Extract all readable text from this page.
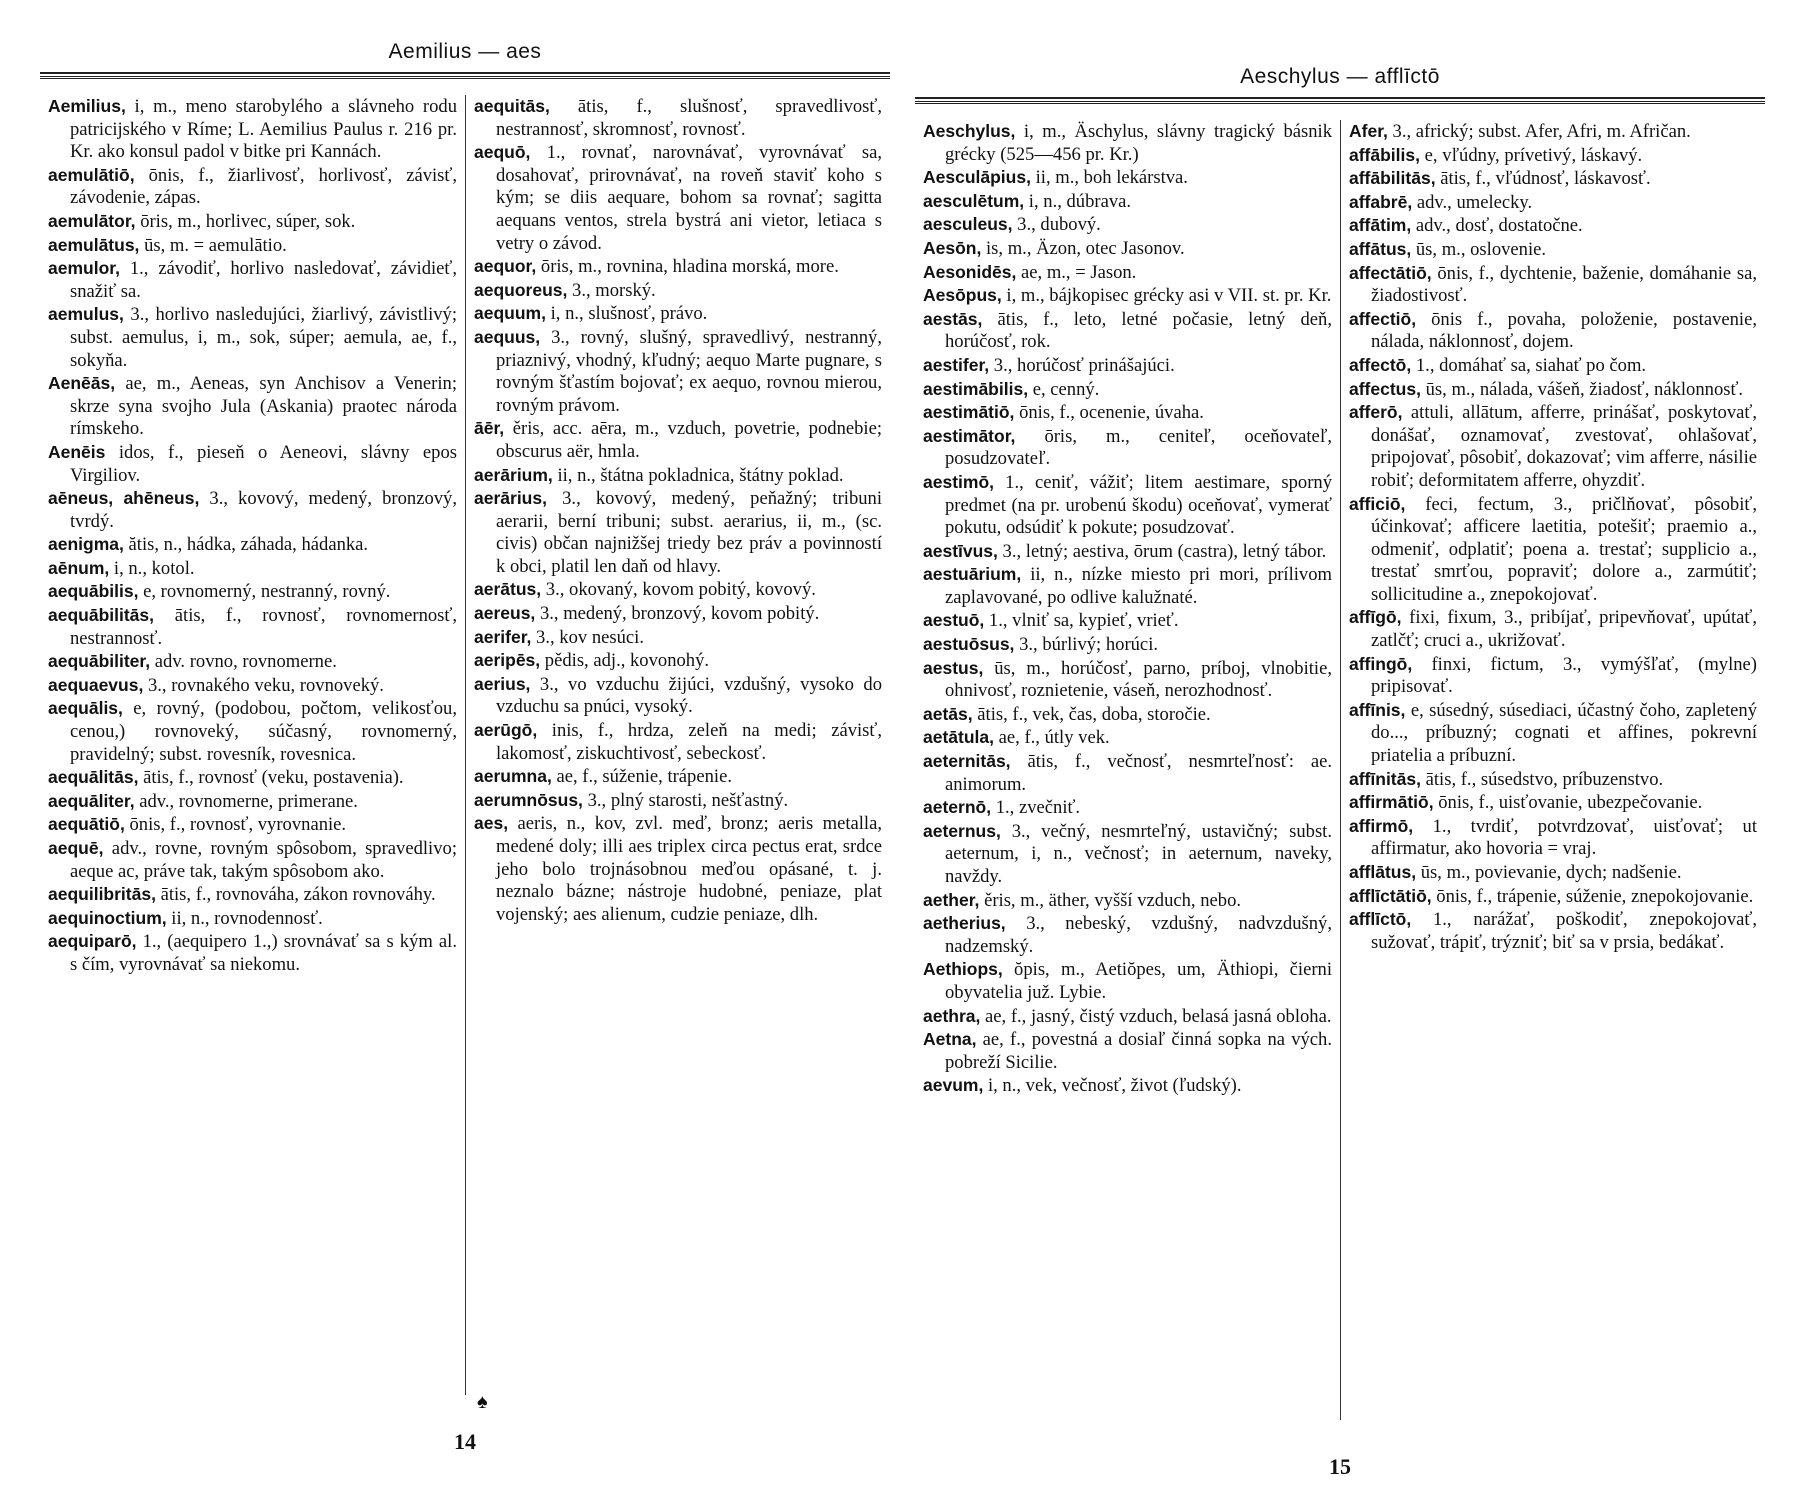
Aemilius — aes

Aemilius, i, m., meno starobylého a slávneho rodu patricijského v Ríme; L. Aemilius Paulus r. 216 pr. Kr. ako konsul padol v bitke pri Kannách.

aemulātiō, ōnis, f., žiarlivosť, horlivosť, závisť, závodenie, zápas.

aemulātor, ōris, m., horlivec, súper, sok.

aemulātus, ūs, m. = aemulātio.

aemulor, 1., závodiť, horlivo nasledovať, závidieť, snažiť sa.

aemulus, 3., horlivo nasledujúci, žiarlivý, závistlivý; subst. aemulus, i, m., sok, súper; aemula, ae, f., sokyňa.

Aenēās, ae, m., Aeneas, syn Anchisov a Venerin; skrze syna svojho Jula (Askania) praotec národa rímskeho.

Aenēis idos, f., pieseň o Aeneovi, slávny epos Virgiliov.

aēneus, ahēneus, 3., kovový, medený, bronzový, tvrdý.

aenigma, ătis, n., hádka, záhada, hádanka.

aēnum, i, n., kotol.

aequābilis, e, rovnomerný, nestranný, rovný.

aequābilitās, ātis, f., rovnosť, rovnomernosť, nestrannosť.

aequābiliter, adv. rovno, rovnomerne.

aequaevus, 3., rovnakého veku, rovnoveký.

aequālis, e, rovný, (podobou, počtom, velikosťou, cenou,) rovnoveký, súčasný, rovnomerný, pravidelný; subst. rovesník, rovesnica.

aequālitās, ātis, f., rovnosť (veku, postavenia).

aequāliter, adv., rovnomerne, primerane.

aequātiō, ōnis, f., rovnosť, vyrovnanie.

aequē, adv., rovne, rovným spôsobom, spravedlivo; aeque ac, práve tak, takým spôsobom ako.

aequilibritās, ātis, f., rovnováha, zákon rovnováhy.

aequinoctium, ii, n., rovnodennosť.

aequiparō, 1., (aequipero 1.,) srovnávať sa s kým al. s čím, vyrovnávať sa niekomu.

aequitās, ātis, f., slušnosť, spravedlivosť, nestrannosť, skromnosť, rovnosť.

aequō, 1., rovnať, narovnávať, vyrovnávať sa, dosahovať, prirovnávať, na roveň staviť koho s kým; se diis aequare, bohom sa rovnať; sagitta aequans ventos, strela bystrá ani vietor, letiaca s vetry o závod.

aequor, ōris, m., rovnina, hladina morská, more.

aequoreus, 3., morský.

aequum, i, n., slušnosť, právo.

aequus, 3., rovný, slušný, spravedlivý, nestranný, priaznivý, vhodný, kľudný; aequo Marte pugnare, s rovným šťastím bojovať; ex aequo, rovnou mierou, rovným právom.

āēr, ěris, acc. aēra, m., vzduch, povetrie, podnebie; obscurus aër, hmla.

aerārium, ii, n., štátna pokladnica, štátny poklad.

aerārius, 3., kovový, medený, peňažný; tribuni aerarii, berní tribuni; subst. aerarius, ii, m., (sc. civis) občan najnižšej triedy bez práv a povinností k obci, platil len daň od hlavy.

aerātus, 3., okovaný, kovom pobitý, kovový.

aereus, 3., medený, bronzový, kovom pobitý.

aerifer, 3., kov nesúci.

aeripēs, pědis, adj., kovonohý.

aerius, 3., vo vzduchu žijúci, vzdušný, vysoko do vzduchu sa pnúci, vysoký.

aerūgō, inis, f., hrdza, zeleň na medi; závisť, lakomosť, ziskuchtivosť, sebeckosť.

aerumna, ae, f., súženie, trápenie.

aerumnōsus, 3., plný starosti, nešťastný.

aes, aeris, n., kov, zvl. meď, bronz; aeris metalla, medené doly; illi aes triplex circa pectus erat, srdce jeho bolo trojnásobnou meďou opásané, t. j. neznalo bázne; nástroje hudobné, peniaze, plat vojenský; aes alienum, cudzie peniaze, dlh.

♠
14
Aeschylus — afflīctō

Aeschylus, i, m., Äschylus, slávny tragický básnik grécky (525—456 pr. Kr.)

Aesculāpius, ii, m., boh lekárstva.

aesculētum, i, n., dúbrava.

aesculeus, 3., dubový.

Aesōn, is, m., Äzon, otec Jasonov.

Aesonidēs, ae, m., = Jason.

Aesōpus, i, m., bájkopisec grécky asi v VII. st. pr. Kr.

aestās, ātis, f., leto, letné počasie, letný deň, horúčosť, rok.

aestifer, 3., horúčosť prinášajúci.

aestimābilis, e, cenný.

aestimātiō, ōnis, f., ocenenie, úvaha.

aestimātor, ōris, m., ceniteľ, oceňovateľ, posudzovateľ.

aestimō, 1., ceniť, vážiť; litem aestimare, sporný predmet (na pr. urobenú škodu) oceňovať, vymerať pokutu, odsúdiť k pokute; posudzovať.

aestīvus, 3., letný; aestiva, ōrum (castra), letný tábor.

aestuārium, ii, n., nízke miesto pri mori, prílivom zaplavované, po odlive kalužnaté.

aestuō, 1., vlniť sa, kypieť, vrieť.

aestuōsus, 3., búrlivý; horúci.

aestus, ūs, m., horúčosť, parno, príboj, vlnobitie, ohnivosť, roznietenie, váseň, nerozhodnosť.

aetās, ātis, f., vek, čas, doba, storočie.

aetātula, ae, f., útly vek.

aeternitās, ātis, f., večnosť, nesmrteľnosť: ae. animorum.

aeternō, 1., zvečniť.

aeternus, 3., večný, nesmrteľný, ustavičný; subst. aeternum, i, n., večnosť; in aeternum, naveky, navždy.

aether, ěris, m., äther, vyšší vzduch, nebo.

aetherius, 3., nebeský, vzdušný, nadvzdušný, nadzemský.

Aethiops, ŏpis, m., Aetiŏpes, um, Äthiopi, čierni obyvatelia juž. Lybie.

aethra, ae, f., jasný, čistý vzduch, belasá jasná obloha.

Aetna, ae, f., povestná a dosiaľ činná sopka na vých. pobreží Sicilie.

aevum, i, n., vek, večnosť, život (ľudský).

Afer, 3., africký; subst. Afer, Afri, m. Afričan.

affābilis, e, vľúdny, prívetivý, láskavý.

affābilitās, ātis, f., vľúdnosť, láskavosť.

affabrē, adv., umelecky.

affātim, adv., dosť, dostatočne.

affātus, ūs, m., oslovenie.

affectātiō, ōnis, f., dychtenie, baženie, domáhanie sa, žiadostivosť.

affectiō, ōnis f., povaha, položenie, postavenie, nálada, náklonnosť, dojem.

affectō, 1., domáhať sa, siahať po čom.

affectus, ūs, m., nálada, vášeň, žiadosť, náklonnosť.

afferō, attuli, allātum, afferre, prinášať, poskytovať, donášať, oznamovať, zvestovať, ohlašovať, pripojovať, pôsobiť, dokazovať; vim afferre, násilie robiť; deformitatem afferre, ohyzdiť.

afficiō, feci, fectum, 3., pričlňovať, pôsobiť, účinkovať; afficere laetitia, potešiť; praemio a., odmeniť, odplatiť; poena a. trestať; supplicio a., trestať smrťou, popraviť; dolore a., zarmútiť; sollicitudine a., znepokojovať.

affīgō, fixi, fixum, 3., pribíjať, pripevňovať, upútať, zatlčť; cruci a., ukrižovať.

affingō, finxi, fictum, 3., vymýšľať, (mylne) pripisovať.

affīnis, e, súsedný, súsediaci, účastný čoho, zapletený do..., príbuzný; cognati et affines, pokrevní priatelia a príbuzní.

affīnitās, ātis, f., súsedstvo, príbuzenstvo.

affirmātiō, ōnis, f., uisťovanie, ubezpečovanie.

affirmō, 1., tvrdiť, potvrdzovať, uisťovať; ut affirmatur, ako hovoria = vraj.

afflātus, ūs, m., povievanie, dych; nadšenie.

afflīctātiō, ōnis, f., trápenie, súženie, znepokojovanie.

afflīctō, 1., narážať, poškodiť, znepokojovať, sužovať, trápiť, trýzniť; biť sa v prsia, bedákať.

15
